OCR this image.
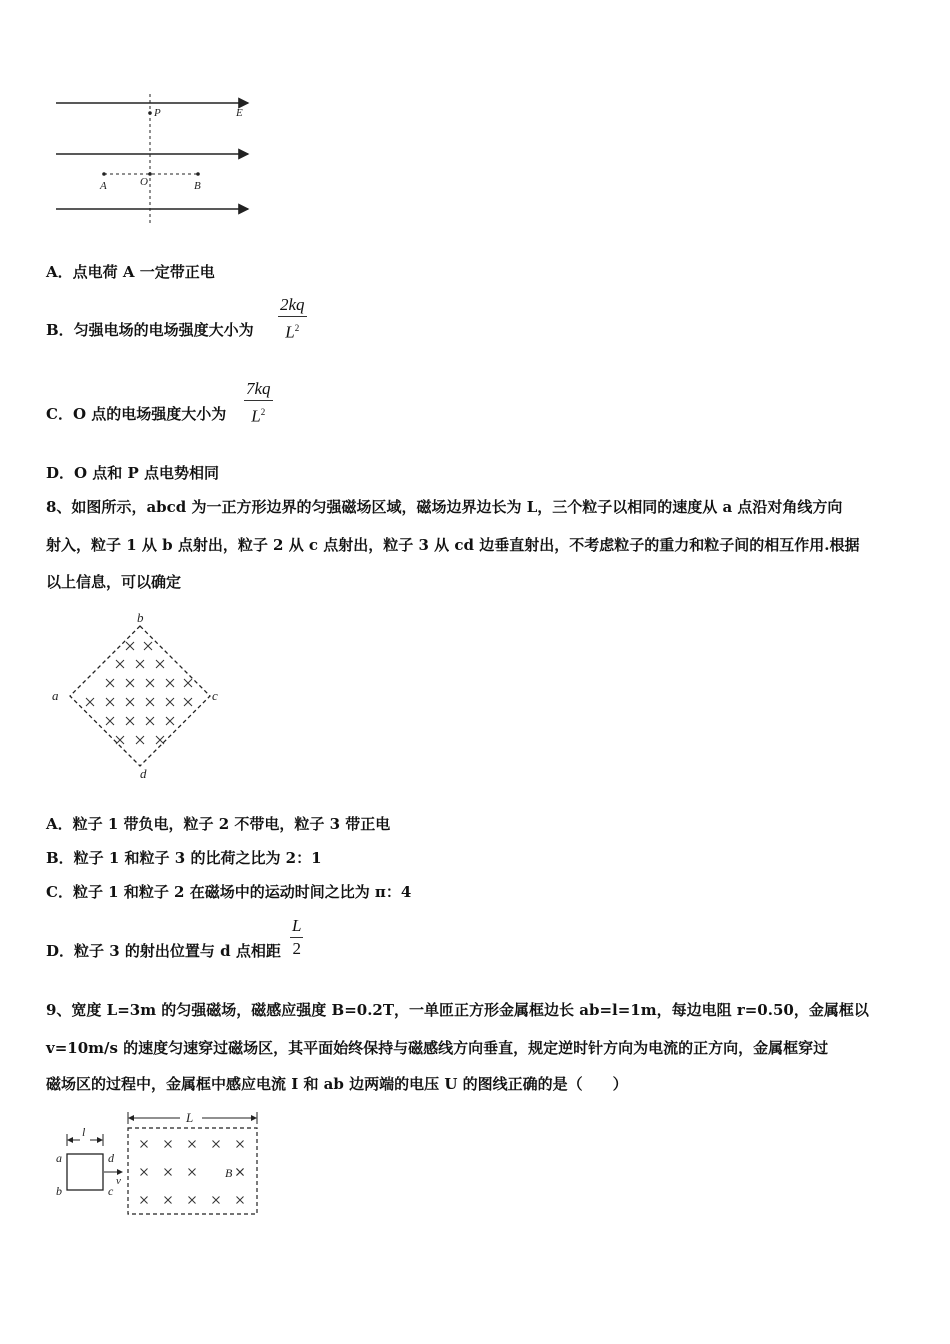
P	E
A	O	B
A．点电荷 A 一定带正电
B．匀强电场的电场强度大小为 $\frac{2kq}{L^2}$
C．O 点的电场强度大小为 $\frac{7kq}{L^2}$
D．O 点和 P 点电势相同
8、如图所示，abcd 为一正方形边界的匀强磁场区域，磁场边界边长为 L，三个粒子以相同的速度从 a 点沿对角线方向
射入，粒子 1 从 b 点射出，粒子 2 从 c 点射出，粒子 3 从 cd 边垂直射出，不考虑粒子的重力和粒子间的相互作用.根据
以上信息，可以确定
b
c
d
a
A．粒子 1 带负电，粒子 2 不带电，粒子 3 带正电
B．粒子 1 和粒子 3 的比荷之比为 2：1
C．粒子 1 和粒子 2 在磁场中的运动时间之比为 π：4
D．粒子 3 的射出位置与 d 点相距 $\frac{L}{2}$
9、宽度 L=3m 的匀强磁场，磁感应强度 B=0.2T，一单匝正方形金属框边长 ab=l=1m，每边电阻 r=0.50，金属框以
v=10m/s 的速度匀速穿过磁场区，其平面始终保持与磁感线方向垂直，规定逆时针方向为电流的正方向，金属框穿过
磁场区的过程中，金属框中感应电流 I 和 ab 边两端的电压 U 的图线正确的是（　　）
l
a
b
d
c
v
L
B
